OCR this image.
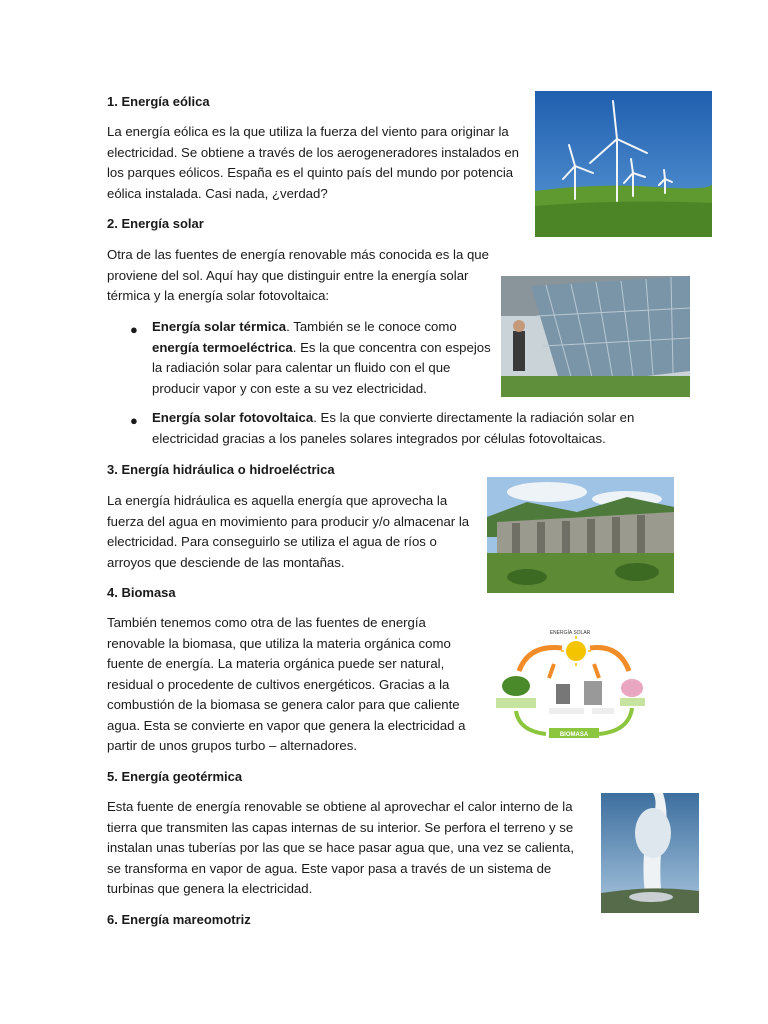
1. Energía eólica

La energía eólica es la que utiliza la fuerza del viento para originar la electricidad. Se obtiene a través de los aerogeneradores instalados en los parques eólicos. España es el quinto país del mundo por potencia eólica instalada. Casi nada, ¿verdad?

2. Energía solar

Otra de las fuentes de energía renovable más conocida es la que proviene del sol. Aquí hay que distinguir entre la energía solar térmica y la energía solar fotovoltaica:

● Energía solar térmica. También se le conoce como energía termoeléctrica. Es la que concentra con espejos la radiación solar para calentar un fluido con el que producir vapor y con este a su vez electricidad.

● Energía solar fotovoltaica. Es la que convierte directamente la radiación solar en electricidad gracias a los paneles solares integrados por células fotovoltaicas.

3. Energía hidráulica o hidroeléctrica

La energía hidráulica es aquella energía que aprovecha la fuerza del agua en movimiento para producir y/o almacenar la electricidad. Para conseguirlo se utiliza el agua de ríos o arroyos que desciende de las montañas.

4. Biomasa

También tenemos como otra de las fuentes de energía renovable la biomasa, que utiliza la materia orgánica como fuente de energía. La materia orgánica puede ser natural, residual o procedente de cultivos energéticos. Gracias a la combustión de la biomasa se genera calor para que caliente agua. Esta se convierte en vapor que genera la electricidad a partir de unos grupos turbo – alternadores.

ENERGÍA SOLAR
BIOMASA
5. Energía geotérmica

Esta fuente de energía renovable se obtiene al aprovechar el calor interno de la tierra que transmiten las capas internas de su interior. Se perfora el terreno y se instalan unas tuberías por las que se hace pasar agua que, una vez se calienta, se transforma en vapor de agua. Este vapor pasa a través de un sistema de turbinas que genera la electricidad.

6. Energía mareomotriz
